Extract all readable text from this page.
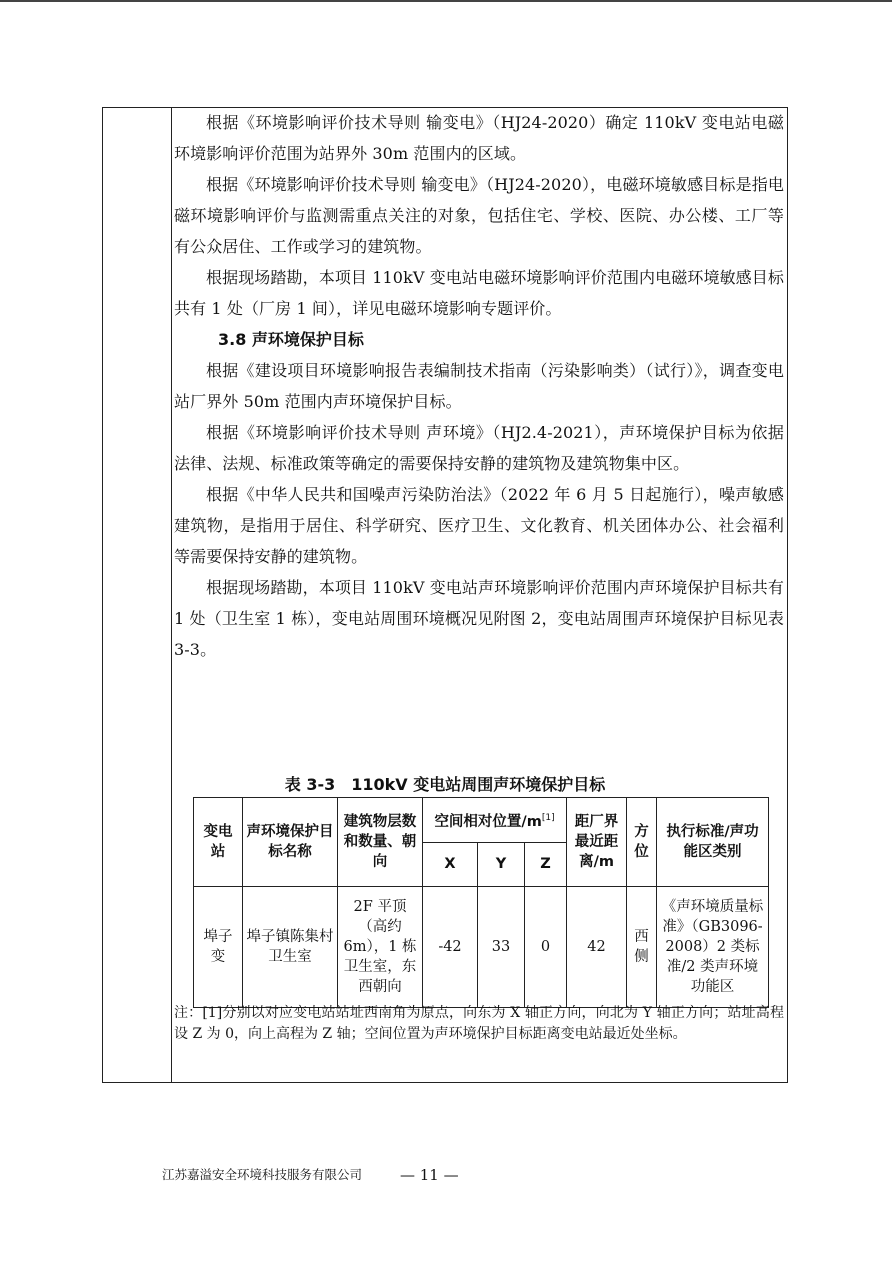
根据《环境影响评价技术导则 输变电》（HJ24-2020）确定 110kV 变电站电磁环境影响评价范围为站界外 30m 范围内的区域。

根据《环境影响评价技术导则 输变电》（HJ24-2020），电磁环境敏感目标是指电磁环境影响评价与监测需重点关注的对象，包括住宅、学校、医院、办公楼、工厂等有公众居住、工作或学习的建筑物。

根据现场踏勘，本项目 110kV 变电站电磁环境影响评价范围内电磁环境敏感目标共有 1 处（厂房 1 间），详见电磁环境影响专题评价。

3.8 声环境保护目标

根据《建设项目环境影响报告表编制技术指南（污染影响类）（试行）》，调查变电站厂界外 50m 范围内声环境保护目标。

根据《环境影响评价技术导则 声环境》（HJ2.4-2021），声环境保护目标为依据法律、法规、标准政策等确定的需要保持安静的建筑物及建筑物集中区。

根据《中华人民共和国噪声污染防治法》（2022 年 6 月 5 日起施行），噪声敏感建筑物，是指用于居住、科学研究、医疗卫生、文化教育、机关团体办公、社会福利等需要保持安静的建筑物。

根据现场踏勘，本项目 110kV 变电站声环境影响评价范围内声环境保护目标共有 1 处（卫生室 1 栋），变电站周围环境概况见附图 2，变电站周围声环境保护目标见表 3-3。

表 3-3　110kV 变电站周围声环境保护目标
变电站	声环境保护目标名称	建筑物层数和数量、朝向	空间相对位置/m[1]			距厂界最近距离/m	方位	执行标准/声功能区类别
			X	Y	Z			
埠子变	埠子镇陈集村卫生室	2F 平顶（高约 6m），1 栋卫生室，东西朝向	-42	33	0	42	西侧	《声环境质量标准》（GB3096-2008）2 类标准/2 类声环境功能区

注：[1]分别以对应变电站站址西南角为原点，向东为 X 轴正方向，向北为 Y 轴正方向；站址高程设 Z 为 0，向上高程为 Z 轴；空间位置为声环境保护目标距离变电站最近处坐标。

江苏嘉溢安全环境科技服务有限公司	— 11 —
